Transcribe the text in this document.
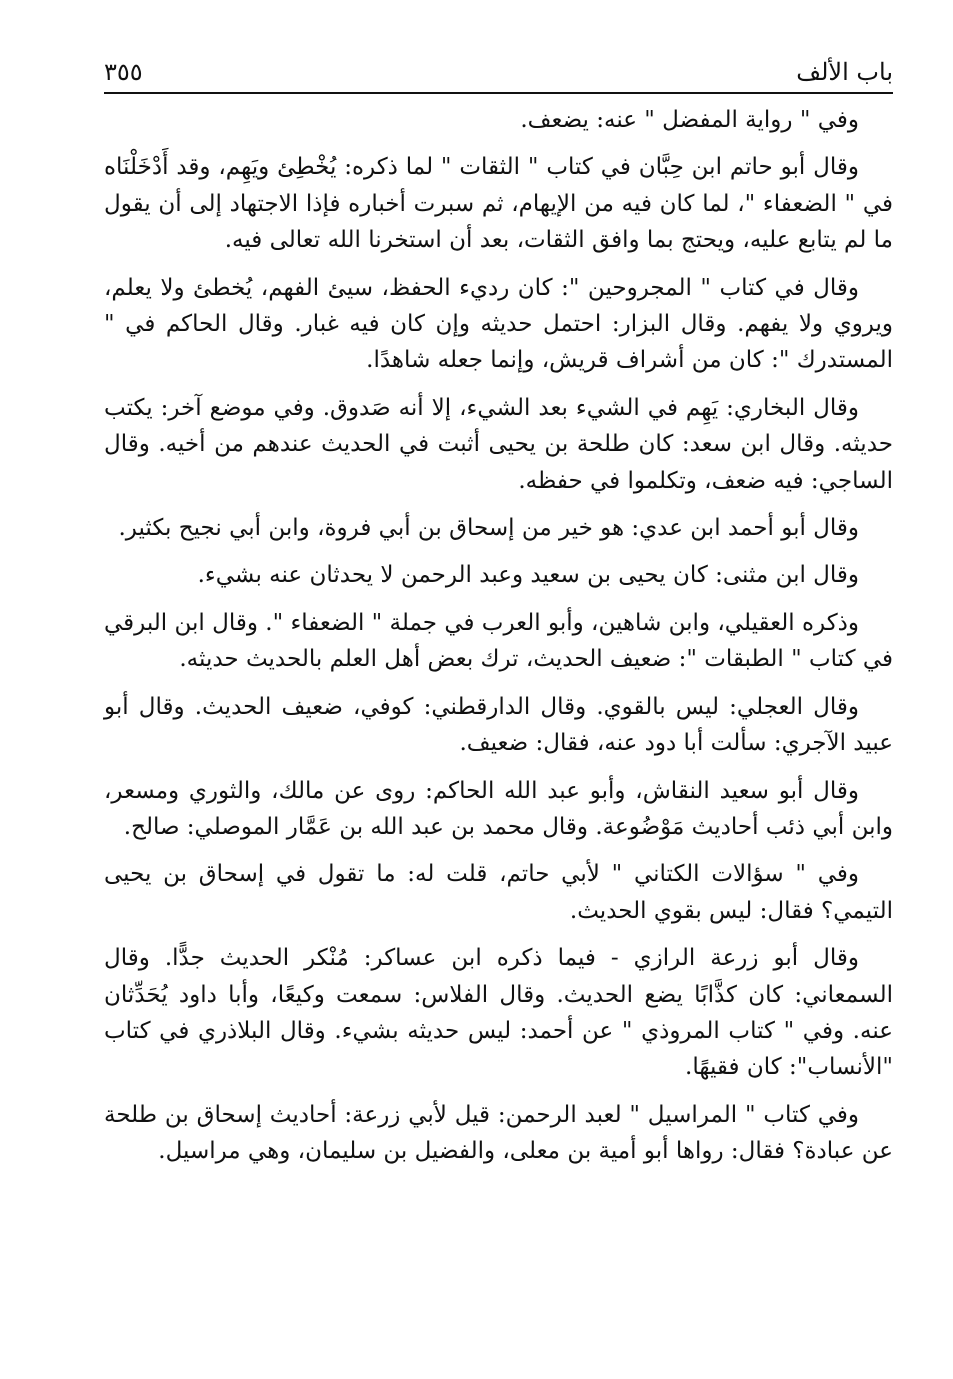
باب الألف
٣٥٥

وفي " رواية المفضل " عنه: يضعف.

وقال أبو حاتم ابن حِبَّان في كتاب " الثقات " لما ذكره: يُخْطِئ ويَهِم، وقد أَدْخَلْنَاه في " الضعفاء "، لما كان فيه من الإيهام، ثم سبرت أخباره فإذا الاجتهاد إلى أن يقول ما لم يتابع عليه، ويحتج بما وافق الثقات، بعد أن استخرنا الله تعالى فيه.

وقال في كتاب " المجروحين ": كان رديء الحفظ، سيئ الفهم، يُخطئ ولا يعلم، ويروي ولا يفهم. وقال البزار: احتمل حديثه وإن كان فيه غبار. وقال الحاكم في " المستدرك ": كان من أشراف قريش، وإنما جعله شاهدًا.

وقال البخاري: يَهِم في الشيء بعد الشيء، إلا أنه صَدوق. وفي موضع آخر: يكتب حديثه. وقال ابن سعد: كان طلحة بن يحيى أثبت في الحديث عندهم من أخيه. وقال الساجي: فيه ضعف، وتكلموا في حفظه.

وقال أبو أحمد ابن عدي: هو خير من إسحاق بن أبي فروة، وابن أبي نجيح بكثير.

وقال ابن مثنى: كان يحيى بن سعيد وعبد الرحمن لا يحدثان عنه بشيء.

وذكره العقيلي، وابن شاهين، وأبو العرب في جملة " الضعفاء ". وقال ابن البرقي في كتاب " الطبقات ": ضعيف الحديث، ترك بعض أهل العلم بالحديث حديثه.

وقال العجلي: ليس بالقوي. وقال الدارقطني: كوفي، ضعيف الحديث. وقال أبو عبيد الآجري: سألت أبا دود عنه، فقال: ضعيف.

وقال أبو سعيد النقاش، وأبو عبد الله الحاكم: روى عن مالك، والثوري ومسعر، وابن أبي ذئب أحاديث مَوْضُوعة. وقال محمد بن عبد الله بن عَمَّار الموصلي: صالح.

وفي " سؤالات الكتاني " لأبي حاتم، قلت له: ما تقول في إسحاق بن يحيى التيمي؟ فقال: ليس بقوي الحديث.

وقال أبو زرعة الرازي - فيما ذكره ابن عساكر: مُنْكر الحديث جدًّا. وقال السمعاني: كان كذَّابًا يضع الحديث. وقال الفلاس: سمعت وكيعًا، وأبا داود يُحَدِّثان عنه. وفي " كتاب المروذي " عن أحمد: ليس حديثه بشيء. وقال البلاذري في كتاب "الأنساب": كان فقيهًا.

وفي كتاب " المراسيل " لعبد الرحمن: قيل لأبي زرعة: أحاديث إسحاق بن طلحة عن عبادة؟ فقال: رواها أبو أمية بن معلى، والفضيل بن سليمان، وهي مراسيل.
